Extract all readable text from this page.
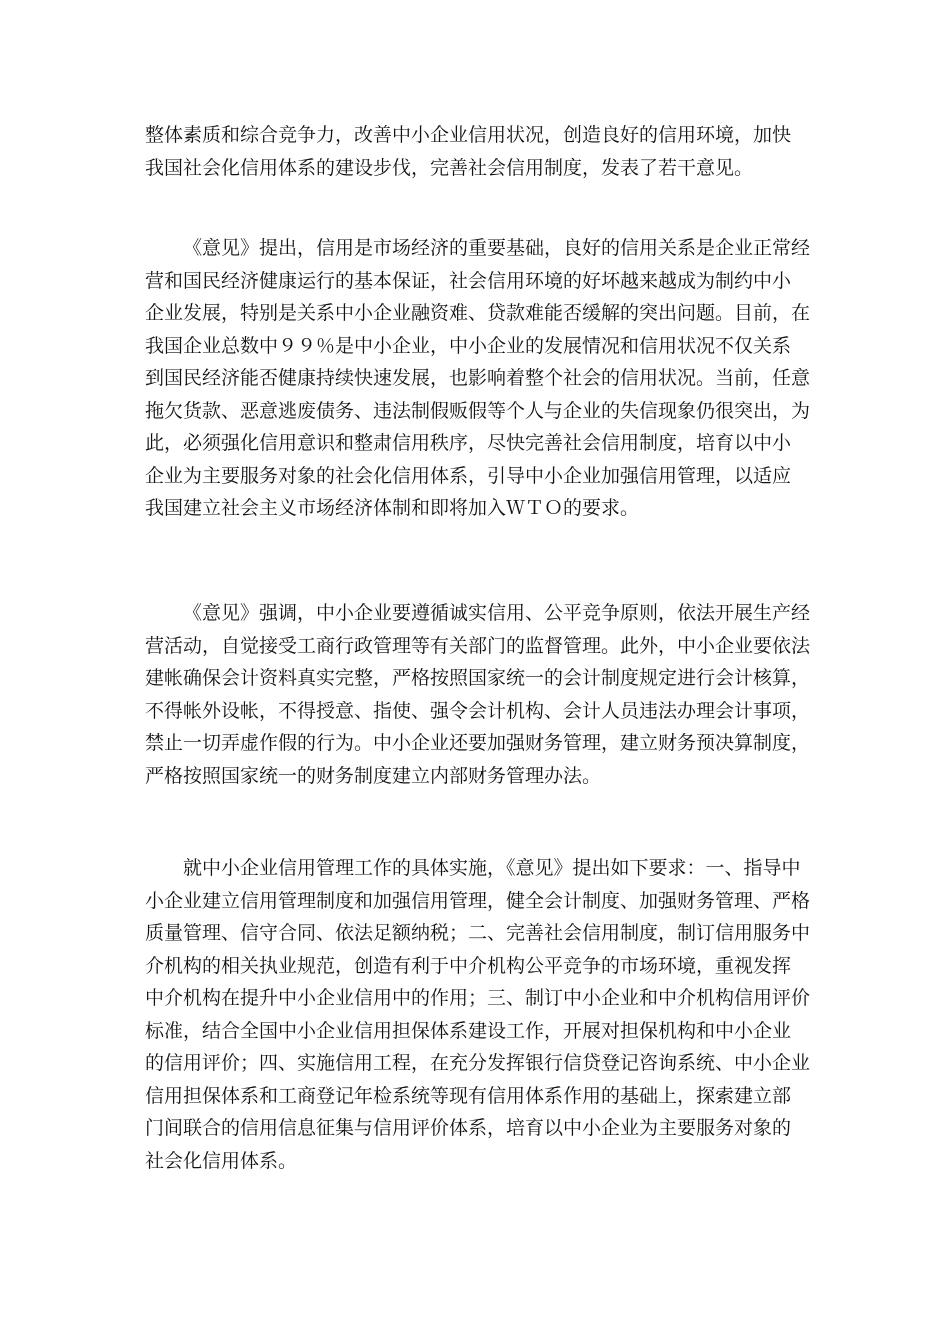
整体素质和综合竞争力，改善中小企业信用状况，创造良好的信用环境，加快
我国社会化信用体系的建设步伐，完善社会信用制度，发表了若干意见。
《意见》提出，信用是市场经济的重要基础，良好的信用关系是企业正常经
营和国民经济健康运行的基本保证，社会信用环境的好坏越来越成为制约中小
企业发展，特别是关系中小企业融资难、贷款难能否缓解的突出问题。目前，在
我国企业总数中９９％是中小企业，中小企业的发展情况和信用状况不仅关系
到国民经济能否健康持续快速发展，也影响着整个社会的信用状况。当前，任意
拖欠货款、恶意逃废债务、违法制假贩假等个人与企业的失信现象仍很突出，为
此，必须强化信用意识和整肃信用秩序，尽快完善社会信用制度，培育以中小
企业为主要服务对象的社会化信用体系，引导中小企业加强信用管理，以适应
我国建立社会主义市场经济体制和即将加入ＷＴＯ的要求。
《意见》强调，中小企业要遵循诚实信用、公平竞争原则，依法开展生产经
营活动，自觉接受工商行政管理等有关部门的监督管理。此外，中小企业要依法
建帐确保会计资料真实完整，严格按照国家统一的会计制度规定进行会计核算，
不得帐外设帐，不得授意、指使、强令会计机构、会计人员违法办理会计事项，
禁止一切弄虚作假的行为。中小企业还要加强财务管理，建立财务预决算制度，
严格按照国家统一的财务制度建立内部财务管理办法。
就中小企业信用管理工作的具体实施，《意见》提出如下要求：一、指导中
小企业建立信用管理制度和加强信用管理，健全会计制度、加强财务管理、严格
质量管理、信守合同、依法足额纳税；二、完善社会信用制度，制订信用服务中
介机构的相关执业规范，创造有利于中介机构公平竞争的市场环境，重视发挥
中介机构在提升中小企业信用中的作用；三、制订中小企业和中介机构信用评价
标准，结合全国中小企业信用担保体系建设工作，开展对担保机构和中小企业
的信用评价；四、实施信用工程，在充分发挥银行信贷登记咨询系统、中小企业
信用担保体系和工商登记年检系统等现有信用体系作用的基础上，探索建立部
门间联合的信用信息征集与信用评价体系，培育以中小企业为主要服务对象的
社会化信用体系。
